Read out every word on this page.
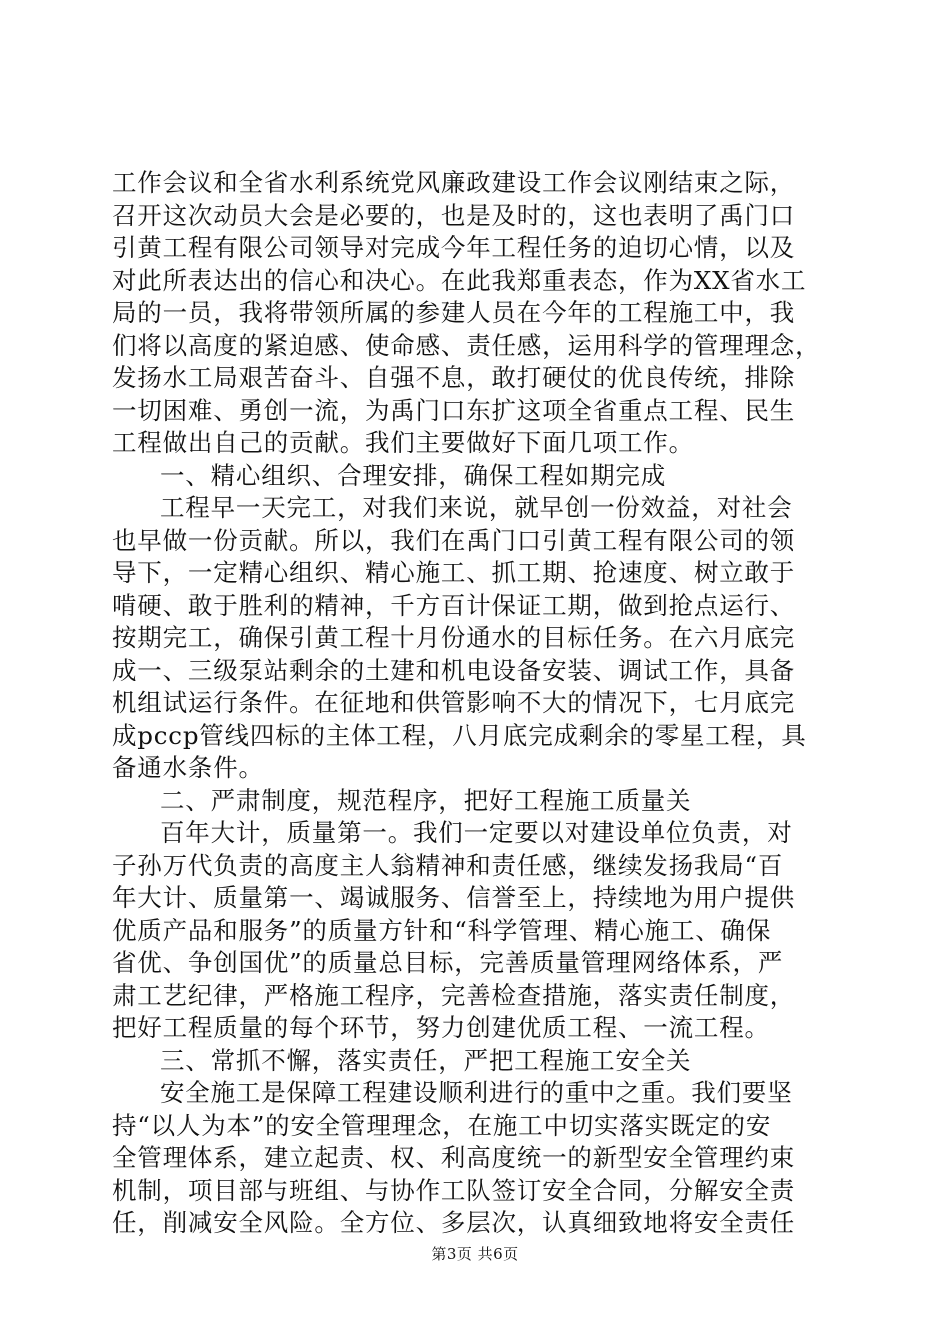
工作会议和全省水利系统党风廉政建设工作会议刚结束之际，
召开这次动员大会是必要的，也是及时的，这也表明了禹门口
引黄工程有限公司领导对完成今年工程任务的迫切心情，以及
对此所表达出的信心和决心。在此我郑重表态，作为XX省水工
局的一员，我将带领所属的参建人员在今年的工程施工中，我
们将以高度的紧迫感、使命感、责任感，运用科学的管理理念，
发扬水工局艰苦奋斗、自强不息，敢打硬仗的优良传统，排除
一切困难、勇创一流，为禹门口东扩这项全省重点工程、民生
工程做出自己的贡献。我们主要做好下面几项工作。
一、精心组织、合理安排，确保工程如期完成
工程早一天完工，对我们来说，就早创一份效益，对社会
也早做一份贡献。所以，我们在禹门口引黄工程有限公司的领
导下，一定精心组织、精心施工、抓工期、抢速度、树立敢于
啃硬、敢于胜利的精神，千方百计保证工期，做到抢点运行、
按期完工，确保引黄工程十月份通水的目标任务。在六月底完
成一、三级泵站剩余的土建和机电设备安装、调试工作，具备
机组试运行条件。在征地和供管影响不大的情况下，七月底完
成pccp管线四标的主体工程，八月底完成剩余的零星工程，具
备通水条件。
二、严肃制度，规范程序，把好工程施工质量关
百年大计，质量第一。我们一定要以对建设单位负责，对
子孙万代负责的高度主人翁精神和责任感，继续发扬我局“百
年大计、质量第一、竭诚服务、信誉至上，持续地为用户提供
优质产品和服务”的质量方针和“科学管理、精心施工、确保
省优、争创国优”的质量总目标，完善质量管理网络体系，严
肃工艺纪律，严格施工程序，完善检查措施，落实责任制度，
把好工程质量的每个环节，努力创建优质工程、一流工程。
三、常抓不懈，落实责任，严把工程施工安全关
安全施工是保障工程建设顺利进行的重中之重。我们要坚
持“以人为本”的安全管理理念，在施工中切实落实既定的安
全管理体系，建立起责、权、利高度统一的新型安全管理约束
机制，项目部与班组、与协作工队签订安全合同，分解安全责
任，削减安全风险。全方位、多层次，认真细致地将安全责任
第3页 共6页
